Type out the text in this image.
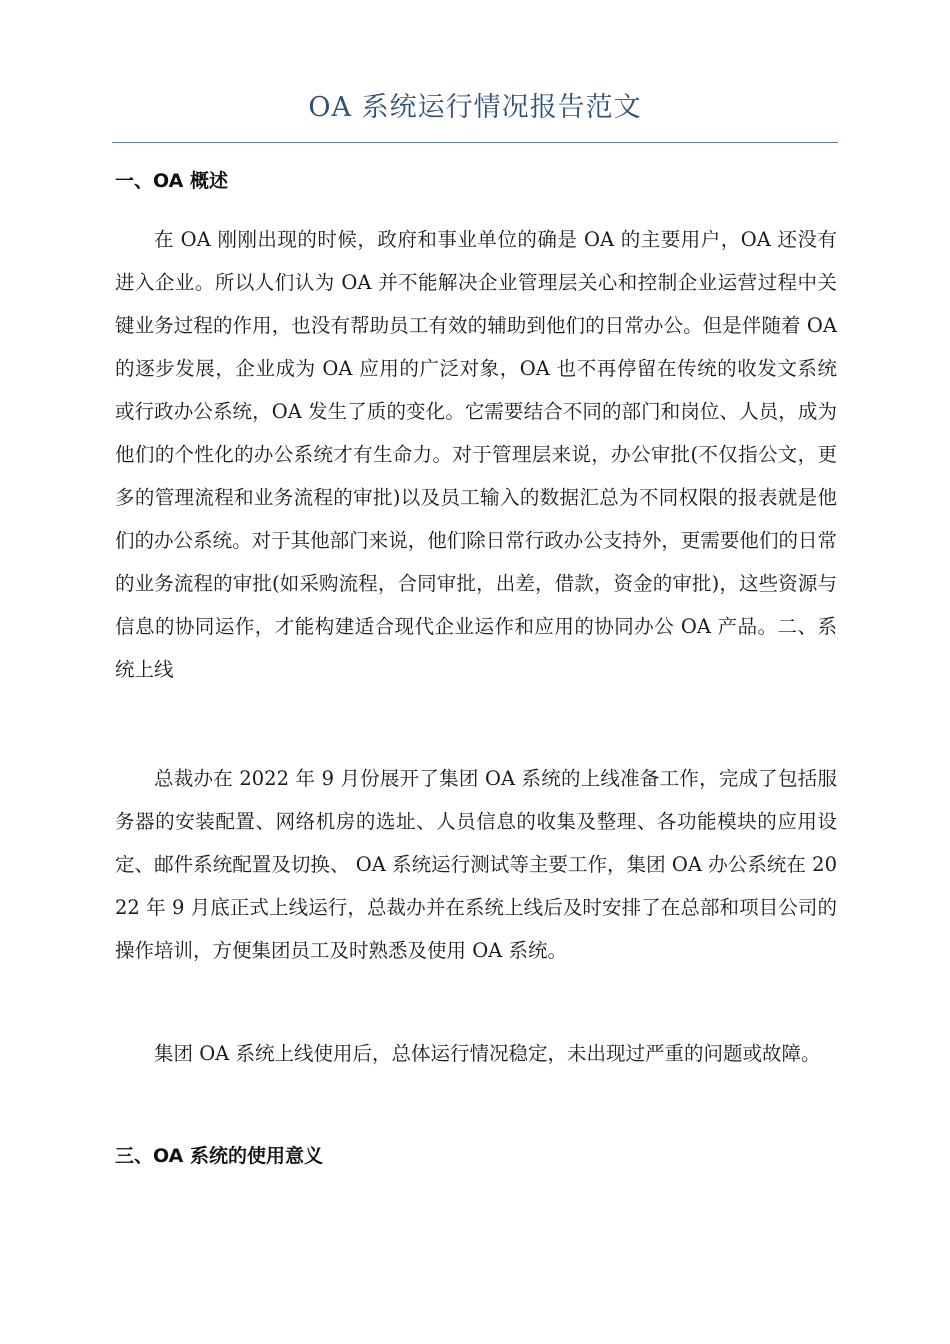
OA 系统运行情况报告范文
一、OA 概述

在 OA 刚刚出现的时候，政府和事业单位的确是 OA 的主要用户，OA 还没有进入企业。所以人们认为 OA 并不能解决企业管理层关心和控制企业运营过程中关键业务过程的作用，也没有帮助员工有效的辅助到他们的日常办公。但是伴随着 OA 的逐步发展，企业成为 OA 应用的广泛对象，OA 也不再停留在传统的收发文系统或行政办公系统，OA 发生了质的变化。它需要结合不同的部门和岗位、人员，成为他们的个性化的办公系统才有生命力。对于管理层来说，办公审批(不仅指公文，更多的管理流程和业务流程的审批)以及员工输入的数据汇总为不同权限的报表就是他们的办公系统。对于其他部门来说，他们除日常行政办公支持外，更需要他们的日常的业务流程的审批(如采购流程，合同审批，出差，借款，资金的审批)，这些资源与信息的协同运作，才能构建适合现代企业运作和应用的协同办公 OA 产品。二、系统上线

总裁办在 2022 年 9 月份展开了集团 OA 系统的上线准备工作，完成了包括服务器的安装配置、网络机房的选址、人员信息的收集及整理、各功能模块的应用设定、邮件系统配置及切换、 OA 系统运行测试等主要工作，集团 OA 办公系统在 2022 年 9 月底正式上线运行，总裁办并在系统上线后及时安排了在总部和项目公司的操作培训，方便集团员工及时熟悉及使用 OA 系统。

集团 OA 系统上线使用后，总体运行情况稳定，未出现过严重的问题或故障。

三、OA 系统的使用意义
